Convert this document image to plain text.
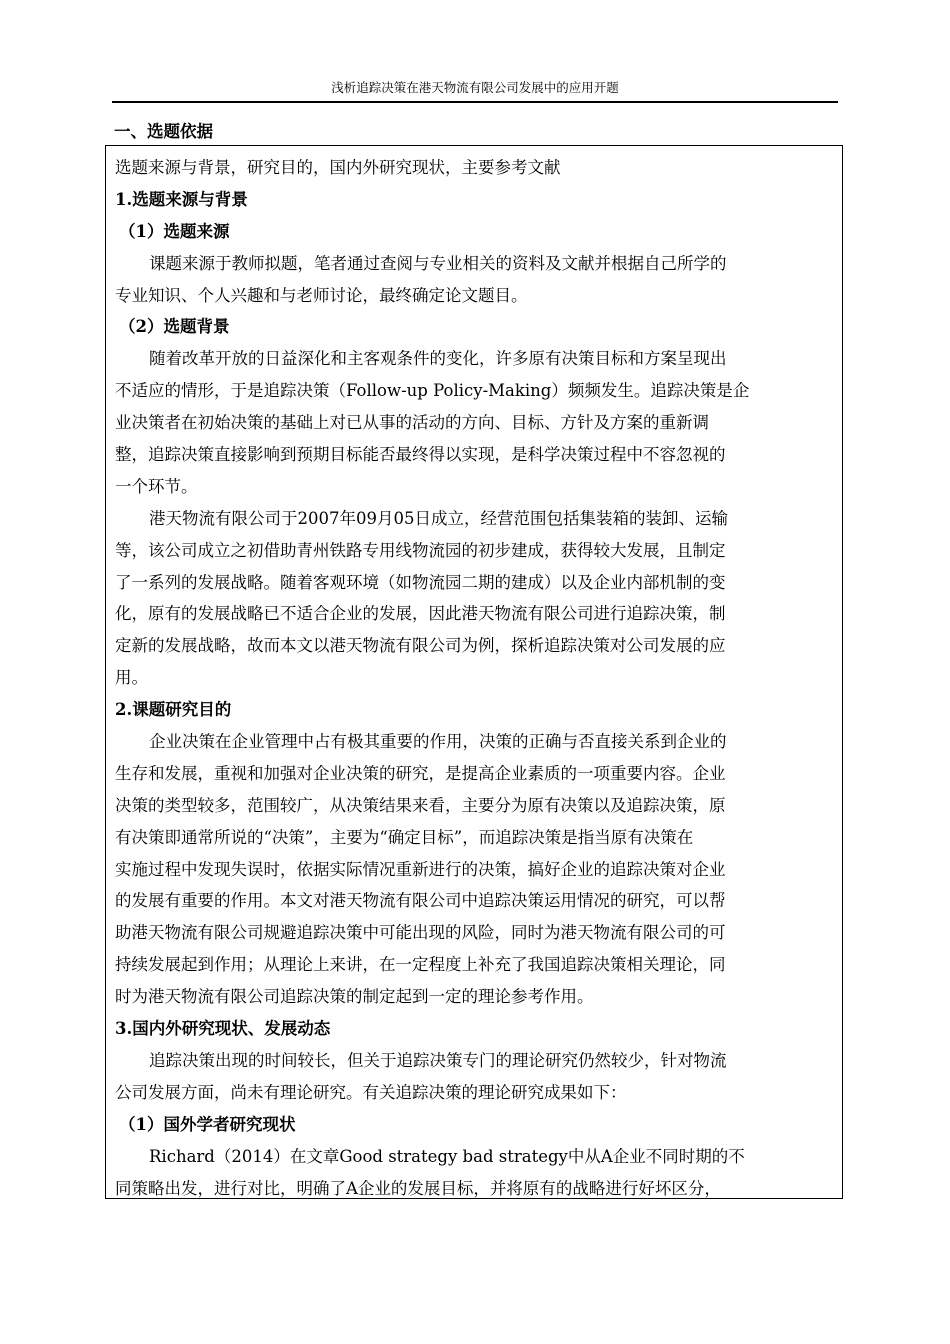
浅析追踪决策在港天物流有限公司发展中的应用开题
一、选题依据
选题来源与背景，研究目的，国内外研究现状，主要参考文献
1.选题来源与背景
（1）选题来源
课题来源于教师拟题，笔者通过查阅与专业相关的资料及文献并根据自己所学的
专业知识、个人兴趣和与老师讨论，最终确定论文题目。
（2）选题背景
随着改革开放的日益深化和主客观条件的变化，许多原有决策目标和方案呈现出
不适应的情形，于是追踪决策（Follow-up Policy-Making）频频发生。追踪决策是企
业决策者在初始决策的基础上对已从事的活动的方向、目标、方针及方案的重新调
整，追踪决策直接影响到预期目标能否最终得以实现，是科学决策过程中不容忽视的
一个环节。
港天物流有限公司于2007年09月05日成立，经营范围包括集装箱的装卸、运输
等，该公司成立之初借助青州铁路专用线物流园的初步建成，获得较大发展，且制定
了一系列的发展战略。随着客观环境（如物流园二期的建成）以及企业内部机制的变
化，原有的发展战略已不适合企业的发展，因此港天物流有限公司进行追踪决策，制
定新的发展战略，故而本文以港天物流有限公司为例，探析追踪决策对公司发展的应
用。
2.课题研究目的
企业决策在企业管理中占有极其重要的作用，决策的正确与否直接关系到企业的
生存和发展，重视和加强对企业决策的研究，是提高企业素质的一项重要内容。企业
决策的类型较多，范围较广，从决策结果来看，主要分为原有决策以及追踪决策，原
有决策即通常所说的“决策”，主要为“确定目标”，而追踪决策是指当原有决策在
实施过程中发现失误时，依据实际情况重新进行的决策，搞好企业的追踪决策对企业
的发展有重要的作用。本文对港天物流有限公司中追踪决策运用情况的研究，可以帮
助港天物流有限公司规避追踪决策中可能出现的风险，同时为港天物流有限公司的可
持续发展起到作用；从理论上来讲，在一定程度上补充了我国追踪决策相关理论，同
时为港天物流有限公司追踪决策的制定起到一定的理论参考作用。
3.国内外研究现状、发展动态
追踪决策出现的时间较长，但关于追踪决策专门的理论研究仍然较少，针对物流
公司发展方面，尚未有理论研究。有关追踪决策的理论研究成果如下：
（1）国外学者研究现状
Richard（2014）在文章Good strategy bad strategy中从A企业不同时期的不
同策略出发，进行对比，明确了A企业的发展目标，并将原有的战略进行好坏区分，
